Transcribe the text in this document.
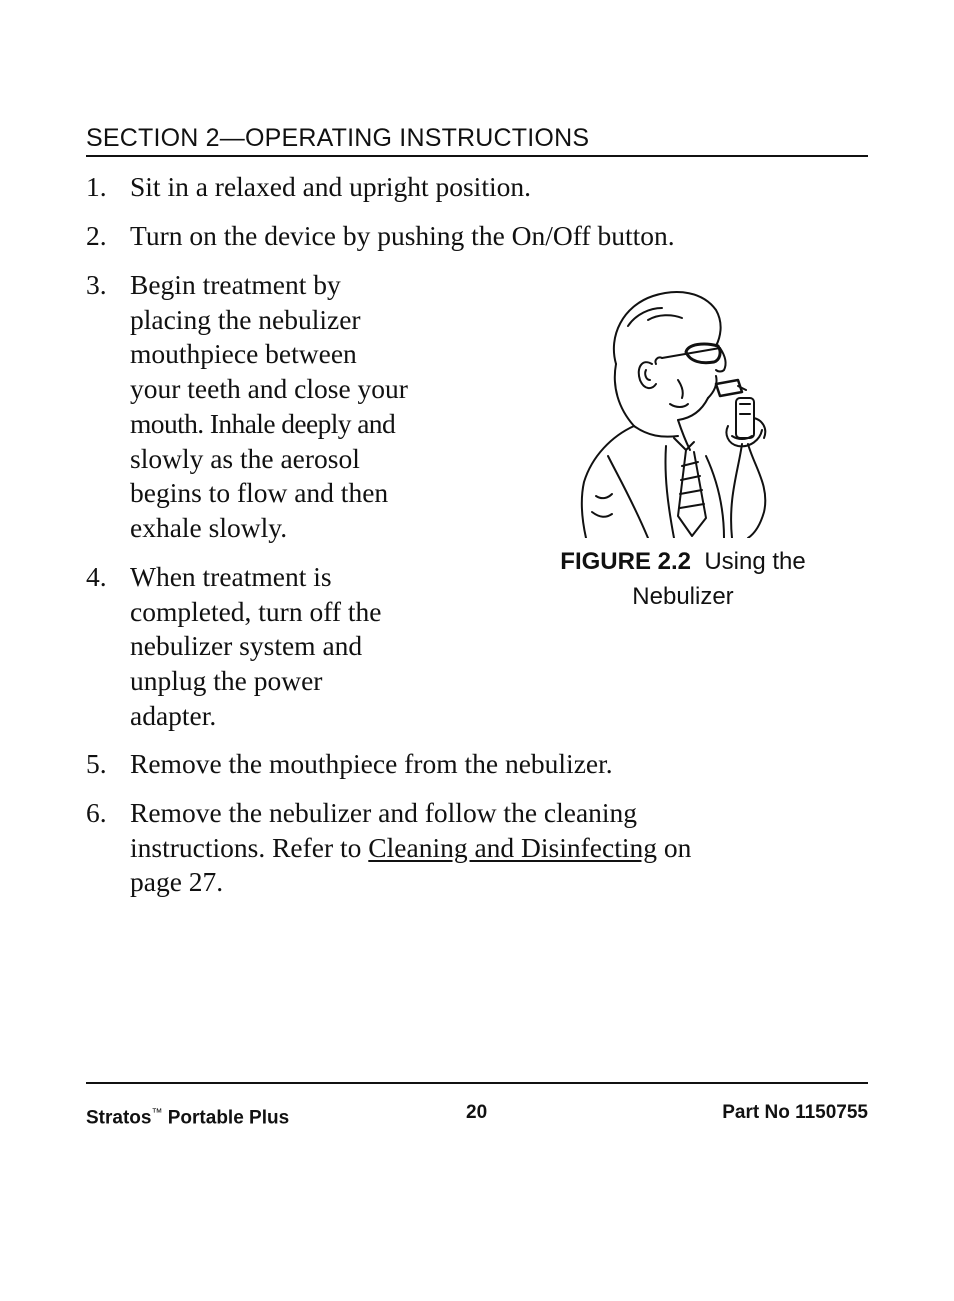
SECTION 2—OPERATING INSTRUCTIONS
1. Sit in a relaxed and upright position.
2. Turn on the device by pushing the On/Off button.
3. Begin treatment by
placing the nebulizer
mouthpiece between
your teeth and close your
mouth. Inhale deeply and
slowly as the aerosol
begins to flow and then
exhale slowly.
4. When treatment is
completed, turn off the
nebulizer system and
unplug the power
adapter.
5. Remove the mouthpiece from the nebulizer.
6. Remove the nebulizer and follow the cleaning
instructions. Refer to Cleaning and Disinfecting on
page 27.
FIGURE 2.2 Using the
Nebulizer
Stratos™ Portable Plus	20	Part No 1150755
